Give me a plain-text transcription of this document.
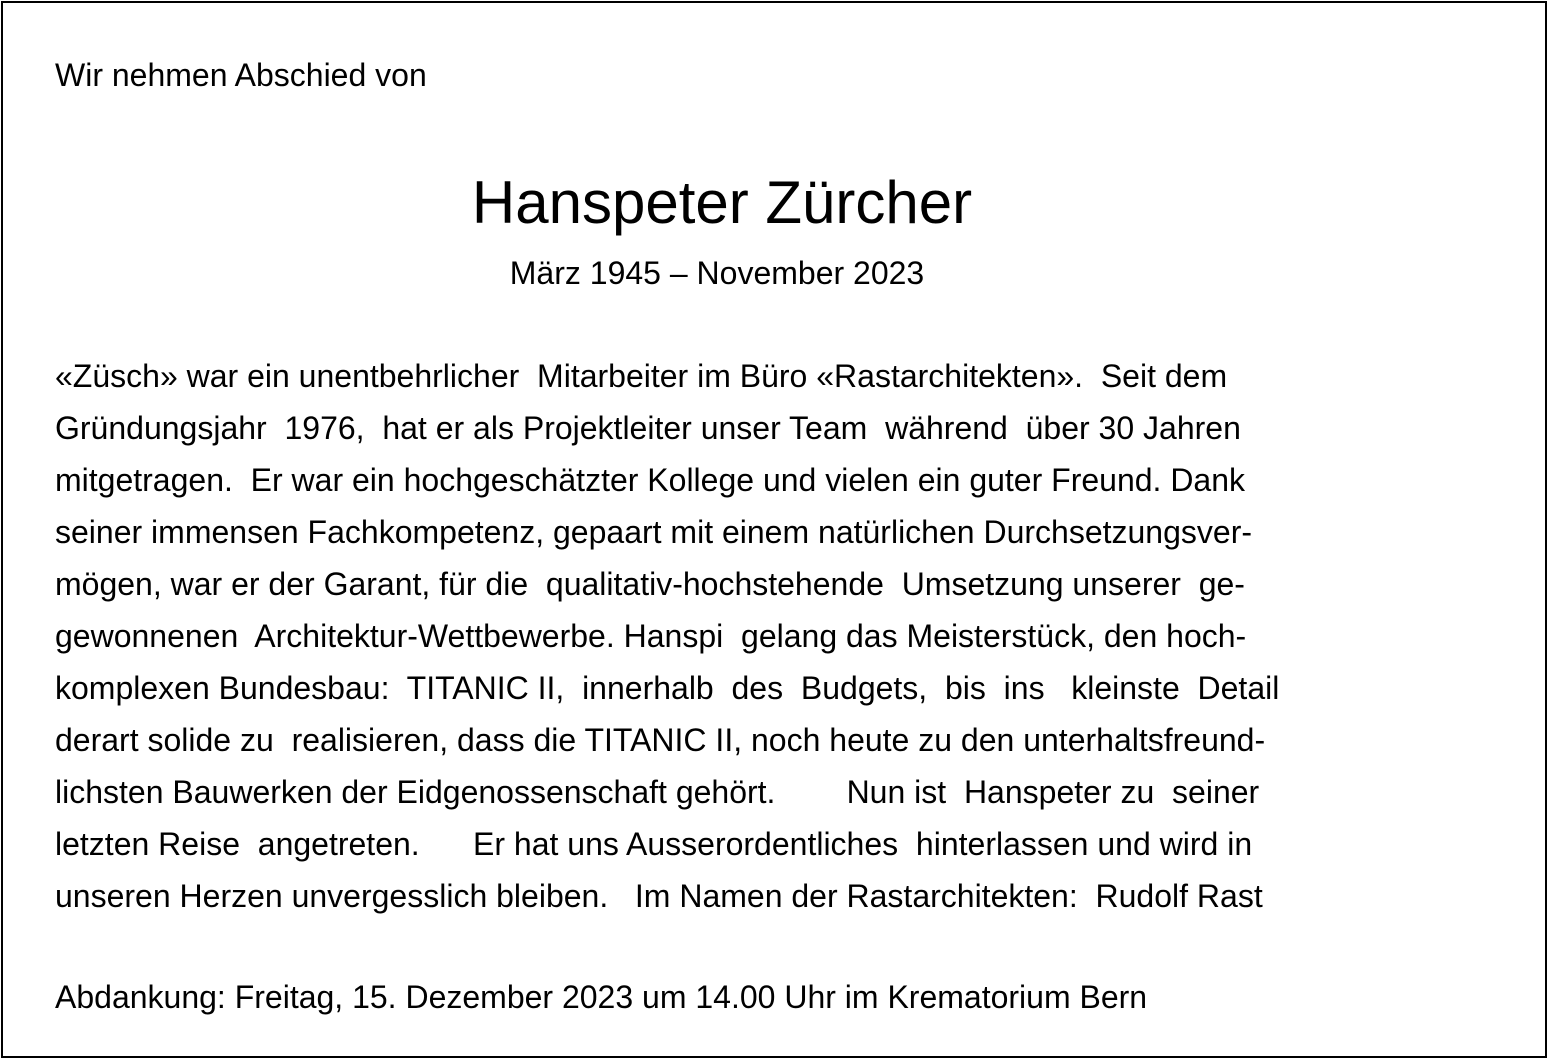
Wir nehmen Abschied von
Hanspeter Zürcher
März 1945 – November 2023
«Züsch» war ein unentbehrlicher  Mitarbeiter im Büro «Rastarchitekten».  Seit dem
Gründungsjahr  1976,  hat er als Projektleiter unser Team  während  über 30 Jahren
mitgetragen.  Er war ein hochgeschätzter Kollege und vielen ein guter Freund. Dank
seiner immensen Fachkompetenz, gepaart mit einem natürlichen Durchsetzungsver-
mögen, war er der Garant, für die  qualitativ-hochstehende  Umsetzung unserer  ge-
gewonnenen  Architektur-Wettbewerbe. Hanspi  gelang das Meisterstück, den hoch-
komplexen Bundesbau:  TITANIC II,  innerhalb  des  Budgets,  bis  ins   kleinste  Detail
derart solide zu  realisieren, dass die TITANIC II, noch heute zu den unterhaltsfreund-
lichsten Bauwerken der Eidgenossenschaft gehört.        Nun ist  Hanspeter zu  seiner
letzten Reise  angetreten.      Er hat uns Ausserordentliches  hinterlassen und wird in
unseren Herzen unvergesslich bleiben.   Im Namen der Rastarchitekten:  Rudolf Rast
Abdankung: Freitag, 15. Dezember 2023 um 14.00 Uhr im Krematorium Bern
